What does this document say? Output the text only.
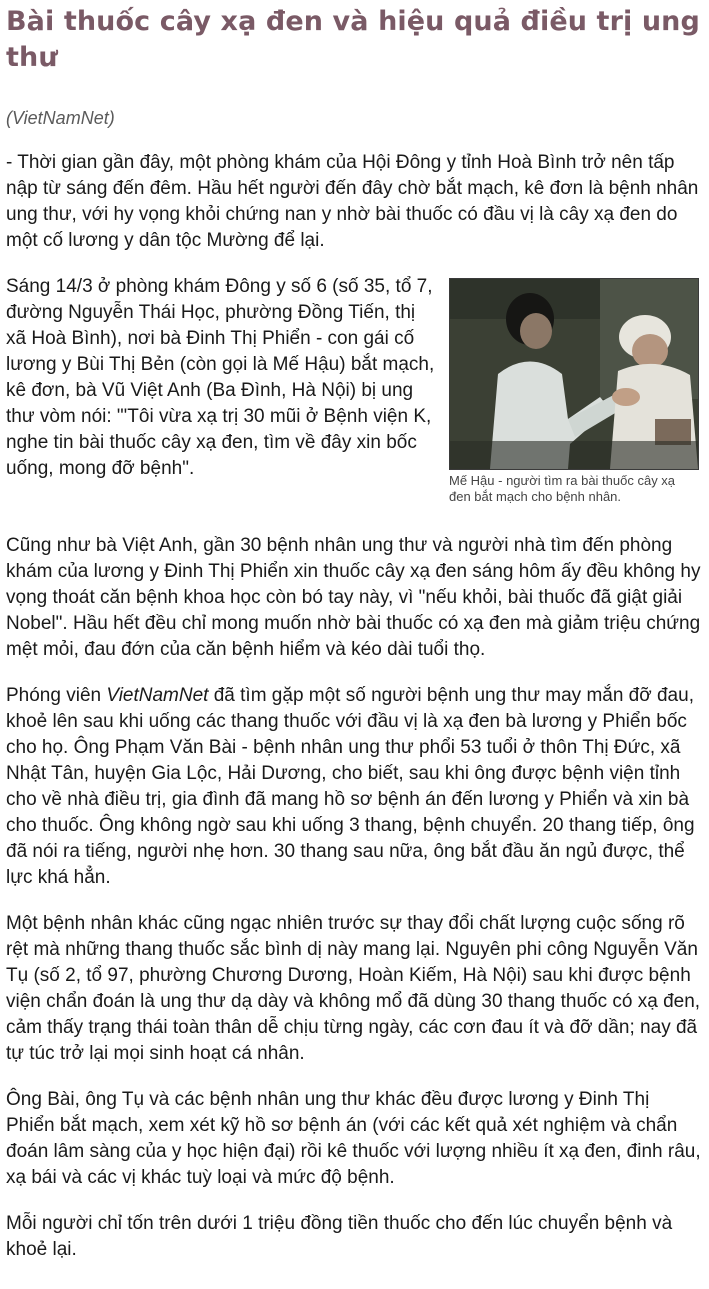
Bài thuốc cây xạ đen và hiệu quả điều trị ung thư

(VietNamNet)

- Thời gian gần đây, một phòng khám của Hội Đông y tỉnh Hoà Bình trở nên tấp nập từ sáng đến đêm. Hầu hết người đến đây chờ bắt mạch, kê đơn là bệnh nhân ung thư, với hy vọng khỏi chứng nan y nhờ bài thuốc có đầu vị là cây xạ đen do một cố lương y dân tộc Mường để lại.

Mế Hậu - người tìm ra bài thuốc cây xạ đen bắt mạch cho bệnh nhân.
Sáng 14/3 ở phòng khám Đông y số 6 (số 35, tổ 7, đường Nguyễn Thái Học, phường Đồng Tiến, thị xã Hoà Bình), nơi bà Đinh Thị Phiển - con gái cố lương y Bùi Thị Bẻn (còn gọi là Mế Hậu) bắt mạch, kê đơn, bà Vũ Việt Anh (Ba Đình, Hà Nội) bị ung thư vòm nói: "'Tôi vừa xạ trị 30 mũi ở Bệnh viện K, nghe tin bài thuốc cây xạ đen, tìm về đây xin bốc uống, mong đỡ bệnh".

Cũng như bà Việt Anh, gần 30 bệnh nhân ung thư và người nhà tìm đến phòng khám của lương y Đinh Thị Phiển xin thuốc cây xạ đen sáng hôm ấy đều không hy vọng thoát căn bệnh khoa học còn bó tay này, vì "nếu khỏi, bài thuốc đã giật giải Nobel". Hầu hết đều chỉ mong muốn nhờ bài thuốc có xạ đen mà giảm triệu chứng mệt mỏi, đau đớn của căn bệnh hiểm và kéo dài tuổi thọ.

Phóng viên VietNamNet đã tìm gặp một số người bệnh ung thư may mắn đỡ đau, khoẻ lên sau khi uống các thang thuốc với đầu vị là xạ đen bà lương y Phiển bốc cho họ. Ông Phạm Văn Bài - bệnh nhân ung thư phổi 53 tuổi ở thôn Thị Đức, xã Nhật Tân, huyện Gia Lộc, Hải Dương, cho biết, sau khi ông được bệnh viện tỉnh cho về nhà điều trị, gia đình đã mang hồ sơ bệnh án đến lương y Phiển và xin bà cho thuốc. Ông không ngờ sau khi uống 3 thang, bệnh chuyển. 20 thang tiếp, ông đã nói ra tiếng, người nhẹ hơn. 30 thang sau nữa, ông bắt đầu ăn ngủ được, thể lực khá hẳn.

Một bệnh nhân khác cũng ngạc nhiên trước sự thay đổi chất lượng cuộc sống rõ rệt mà những thang thuốc sắc bình dị này mang lại. Nguyên phi công Nguyễn Văn Tụ (số 2, tổ 97, phường Chương Dương, Hoàn Kiếm, Hà Nội) sau khi được bệnh viện chẩn đoán là ung thư dạ dày và không mổ đã dùng 30 thang thuốc có xạ đen, cảm thấy trạng thái toàn thân dễ chịu từng ngày, các cơn đau ít và đỡ dần; nay đã tự túc trở lại mọi sinh hoạt cá nhân.

Ông Bài, ông Tụ và các bệnh nhân ung thư khác đều được lương y Đinh Thị Phiển bắt mạch, xem xét kỹ hồ sơ bệnh án (với các kết quả xét nghiệm và chẩn đoán lâm sàng của y học hiện đại) rồi kê thuốc với lượng nhiều ít xạ đen, đinh râu, xạ bái và các vị khác tuỳ loại và mức độ bệnh.

Mỗi người chỉ tốn trên dưới 1 triệu đồng tiền thuốc cho đến lúc chuyển bệnh và khoẻ lại.
